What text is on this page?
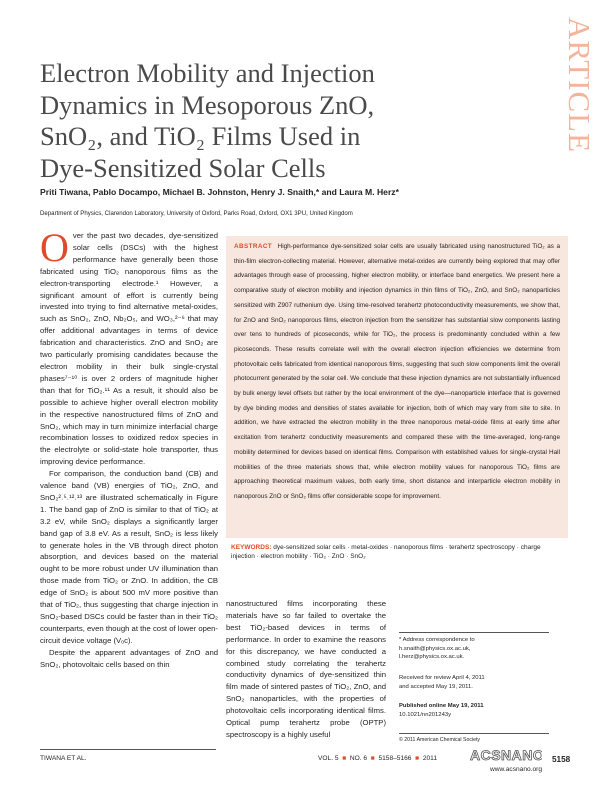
Electron Mobility and Injection
Dynamics in Mesoporous ZnO,
SnO₂, and TiO₂ Films Used in
Dye-Sensitized Solar Cells
ARTICLE
Priti Tiwana, Pablo Docampo, Michael B. Johnston, Henry J. Snaith,* and Laura M. Herz*
Department of Physics, Clarendon Laboratory, University of Oxford, Parks Road, Oxford, OX1 3PU, United Kingdom

O ver the past two decades, dye-sensitized solar cells (DSCs) with the highest performance have generally been those fabricated using TiO₂ nanoporous films as the electron-transporting electrode.¹ However, a significant amount of effort is currently being invested into trying to find alternative metal-oxides, such as SnO₂, ZnO, Nb₂O₅, and WO₃,²⁻⁶ that may offer additional advantages in terms of device fabrication and characteristics. ZnO and SnO₂ are two particularly promising candidates because the electron mobility in their bulk single-crystal phases⁷⁻¹⁰ is over 2 orders of magnitude higher than that for TiO₂.¹¹ As a result, it should also be possible to achieve higher overall electron mobility in the respective nanostructured films of ZnO and SnO₂, which may in turn minimize interfacial charge recombination losses to oxidized redox species in the electrolyte or solid-state hole transporter, thus improving device performance.

For comparison, the conduction band (CB) and valence band (VB) energies of TiO₂, ZnO, and SnO₂²˒⁵˒¹²˒¹³ are illustrated schematically in Figure 1. The band gap of ZnO is similar to that of TiO₂ at 3.2 eV, while SnO₂ displays a significantly larger band gap of 3.8 eV. As a result, SnO₂ is less likely to generate holes in the VB through direct photon absorption, and devices based on the material ought to be more robust under UV illumination than those made from TiO₂ or ZnO. In addition, the CB edge of SnO₂ is about 500 mV more positive than that of TiO₂, thus suggesting that charge injection in SnO₂-based DSCs could be faster than in their TiO₂ counterparts, even though at the cost of lower open-circuit device voltage (Vₒᴄ).

Despite the apparent advantages of ZnO and SnO₂, photovoltaic cells based on thin

ABSTRACT High-performance dye-sensitized solar cells are usually fabricated using nanostructured TiO₂ as a thin-film electron-collecting material. However, alternative metal-oxides are currently being explored that may offer advantages through ease of processing, higher electron mobility, or interface band energetics. We present here a comparative study of electron mobility and injection dynamics in thin films of TiO₂, ZnO, and SnO₂ nanoparticles sensitized with Z907 ruthenium dye. Using time-resolved terahertz photoconductivity measurements, we show that, for ZnO and SnO₂ nanoporous films, electron injection from the sensitizer has substantial slow components lasting over tens to hundreds of picoseconds, while for TiO₂, the process is predominantly concluded within a few picoseconds. These results correlate well with the overall electron injection efficiencies we determine from photovoltaic cells fabricated from identical nanoporous films, suggesting that such slow components limit the overall photocurrent generated by the solar cell. We conclude that these injection dynamics are not substantially influenced by bulk energy level offsets but rather by the local environment of the dye—nanoparticle interface that is governed by dye binding modes and densities of states available for injection, both of which may vary from site to site. In addition, we have extracted the electron mobility in the three nanoporous metal-oxide films at early time after excitation from terahertz conductivity measurements and compared these with the time-averaged, long-range mobility determined for devices based on identical films. Comparison with established values for single-crystal Hall mobilities of the three materials shows that, while electron mobility values for nanoporous TiO₂ films are approaching theoretical maximum values, both early time, short distance and interparticle electron mobility in nanoporous ZnO or SnO₂ films offer considerable scope for improvement.
KEYWORDS: dye-sensitized solar cells · metal-oxides · nanoporous films · terahertz spectroscopy · charge injection · electron mobility · TiO₂ · ZnO · SnO₂

nanostructured films incorporating these materials have so far failed to overtake the best TiO₂-based devices in terms of performance. In order to examine the reasons for this discrepancy, we have conducted a combined study correlating the terahertz conductivity dynamics of dye-sensitized thin film made of sintered pastes of TiO₂, ZnO, and SnO₂ nanoparticles, with the properties of photovoltaic cells incorporating identical films. Optical pump terahertz probe (OPTP) spectroscopy is a highly useful

* Address correspondence to
h.snaith@physics.ox.ac.uk,
l.herz@physics.ox.ac.uk.
Received for review April 4, 2011
and accepted May 19, 2011.
Published online May 19, 2011
10.1021/nn201243y
© 2011 American Chemical Society
TIWANA ET AL.	VOL. 5  ■  NO. 6  ■  5158–5166  ■  2011 ACSNANO
www.acsnano.org
5158
